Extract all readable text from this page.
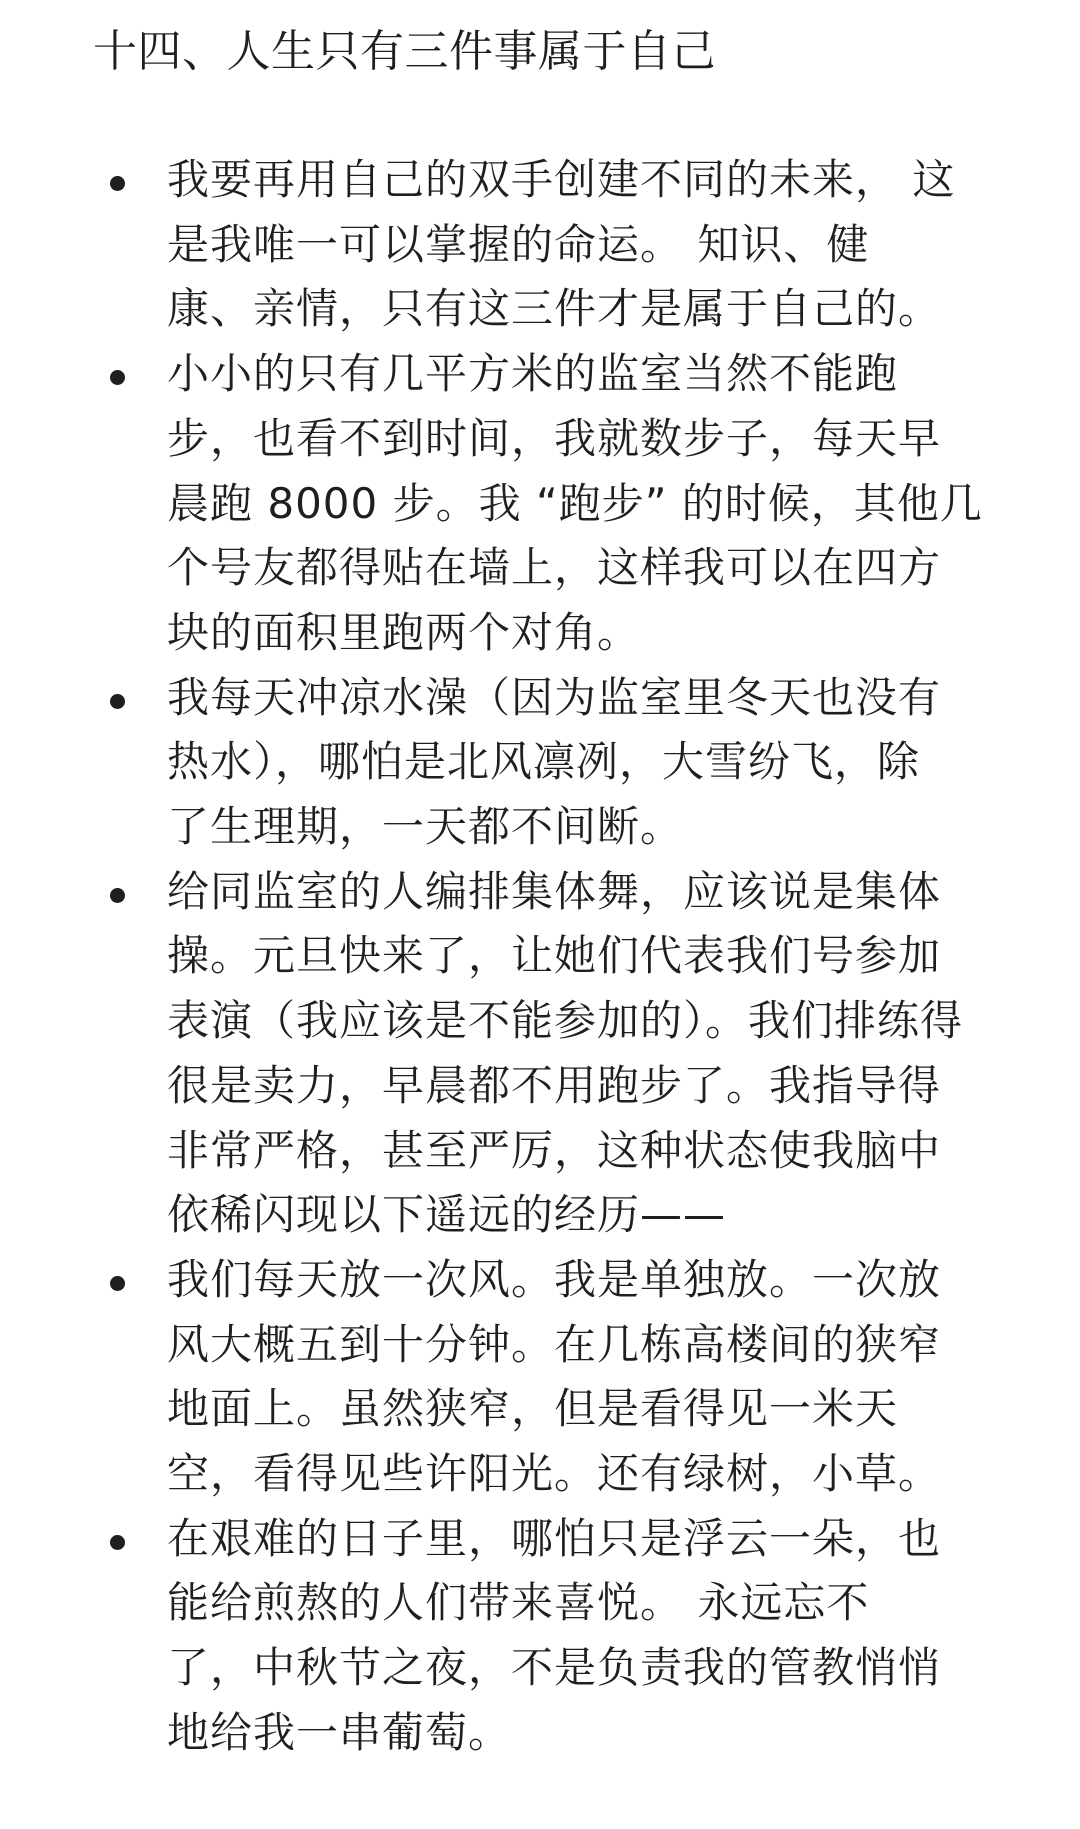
十四、人生只有三件事属于自己
我要再用自己的双手创建不同的未来， 这
是我唯一可以掌握的命运。 知识、健
康、亲情，只有这三件才是属于自己的。
小小的只有几平方米的监室当然不能跑
步，也看不到时间，我就数步子，每天早
晨跑 8000 步。我 “跑步” 的时候，其他几
个号友都得贴在墙上，这样我可以在四方
块的面积里跑两个对角。
我每天冲凉水澡（因为监室里冬天也没有
热水），哪怕是北风凛冽，大雪纷飞，除
了生理期，一天都不间断。
给同监室的人编排集体舞，应该说是集体
操。元旦快来了，让她们代表我们号参加
表演（我应该是不能参加的）。我们排练得
很是卖力，早晨都不用跑步了。我指导得
非常严格，甚至严厉，这种状态使我脑中
依稀闪现以下遥远的经历——
我们每天放一次风。我是单独放。一次放
风大概五到十分钟。在几栋高楼间的狭窄
地面上。虽然狭窄，但是看得见一米天
空，看得见些许阳光。还有绿树，小草。
在艰难的日子里，哪怕只是浮云一朵，也
能给煎熬的人们带来喜悦。 永远忘不
了，中秋节之夜，不是负责我的管教悄悄
地给我一串葡萄。
